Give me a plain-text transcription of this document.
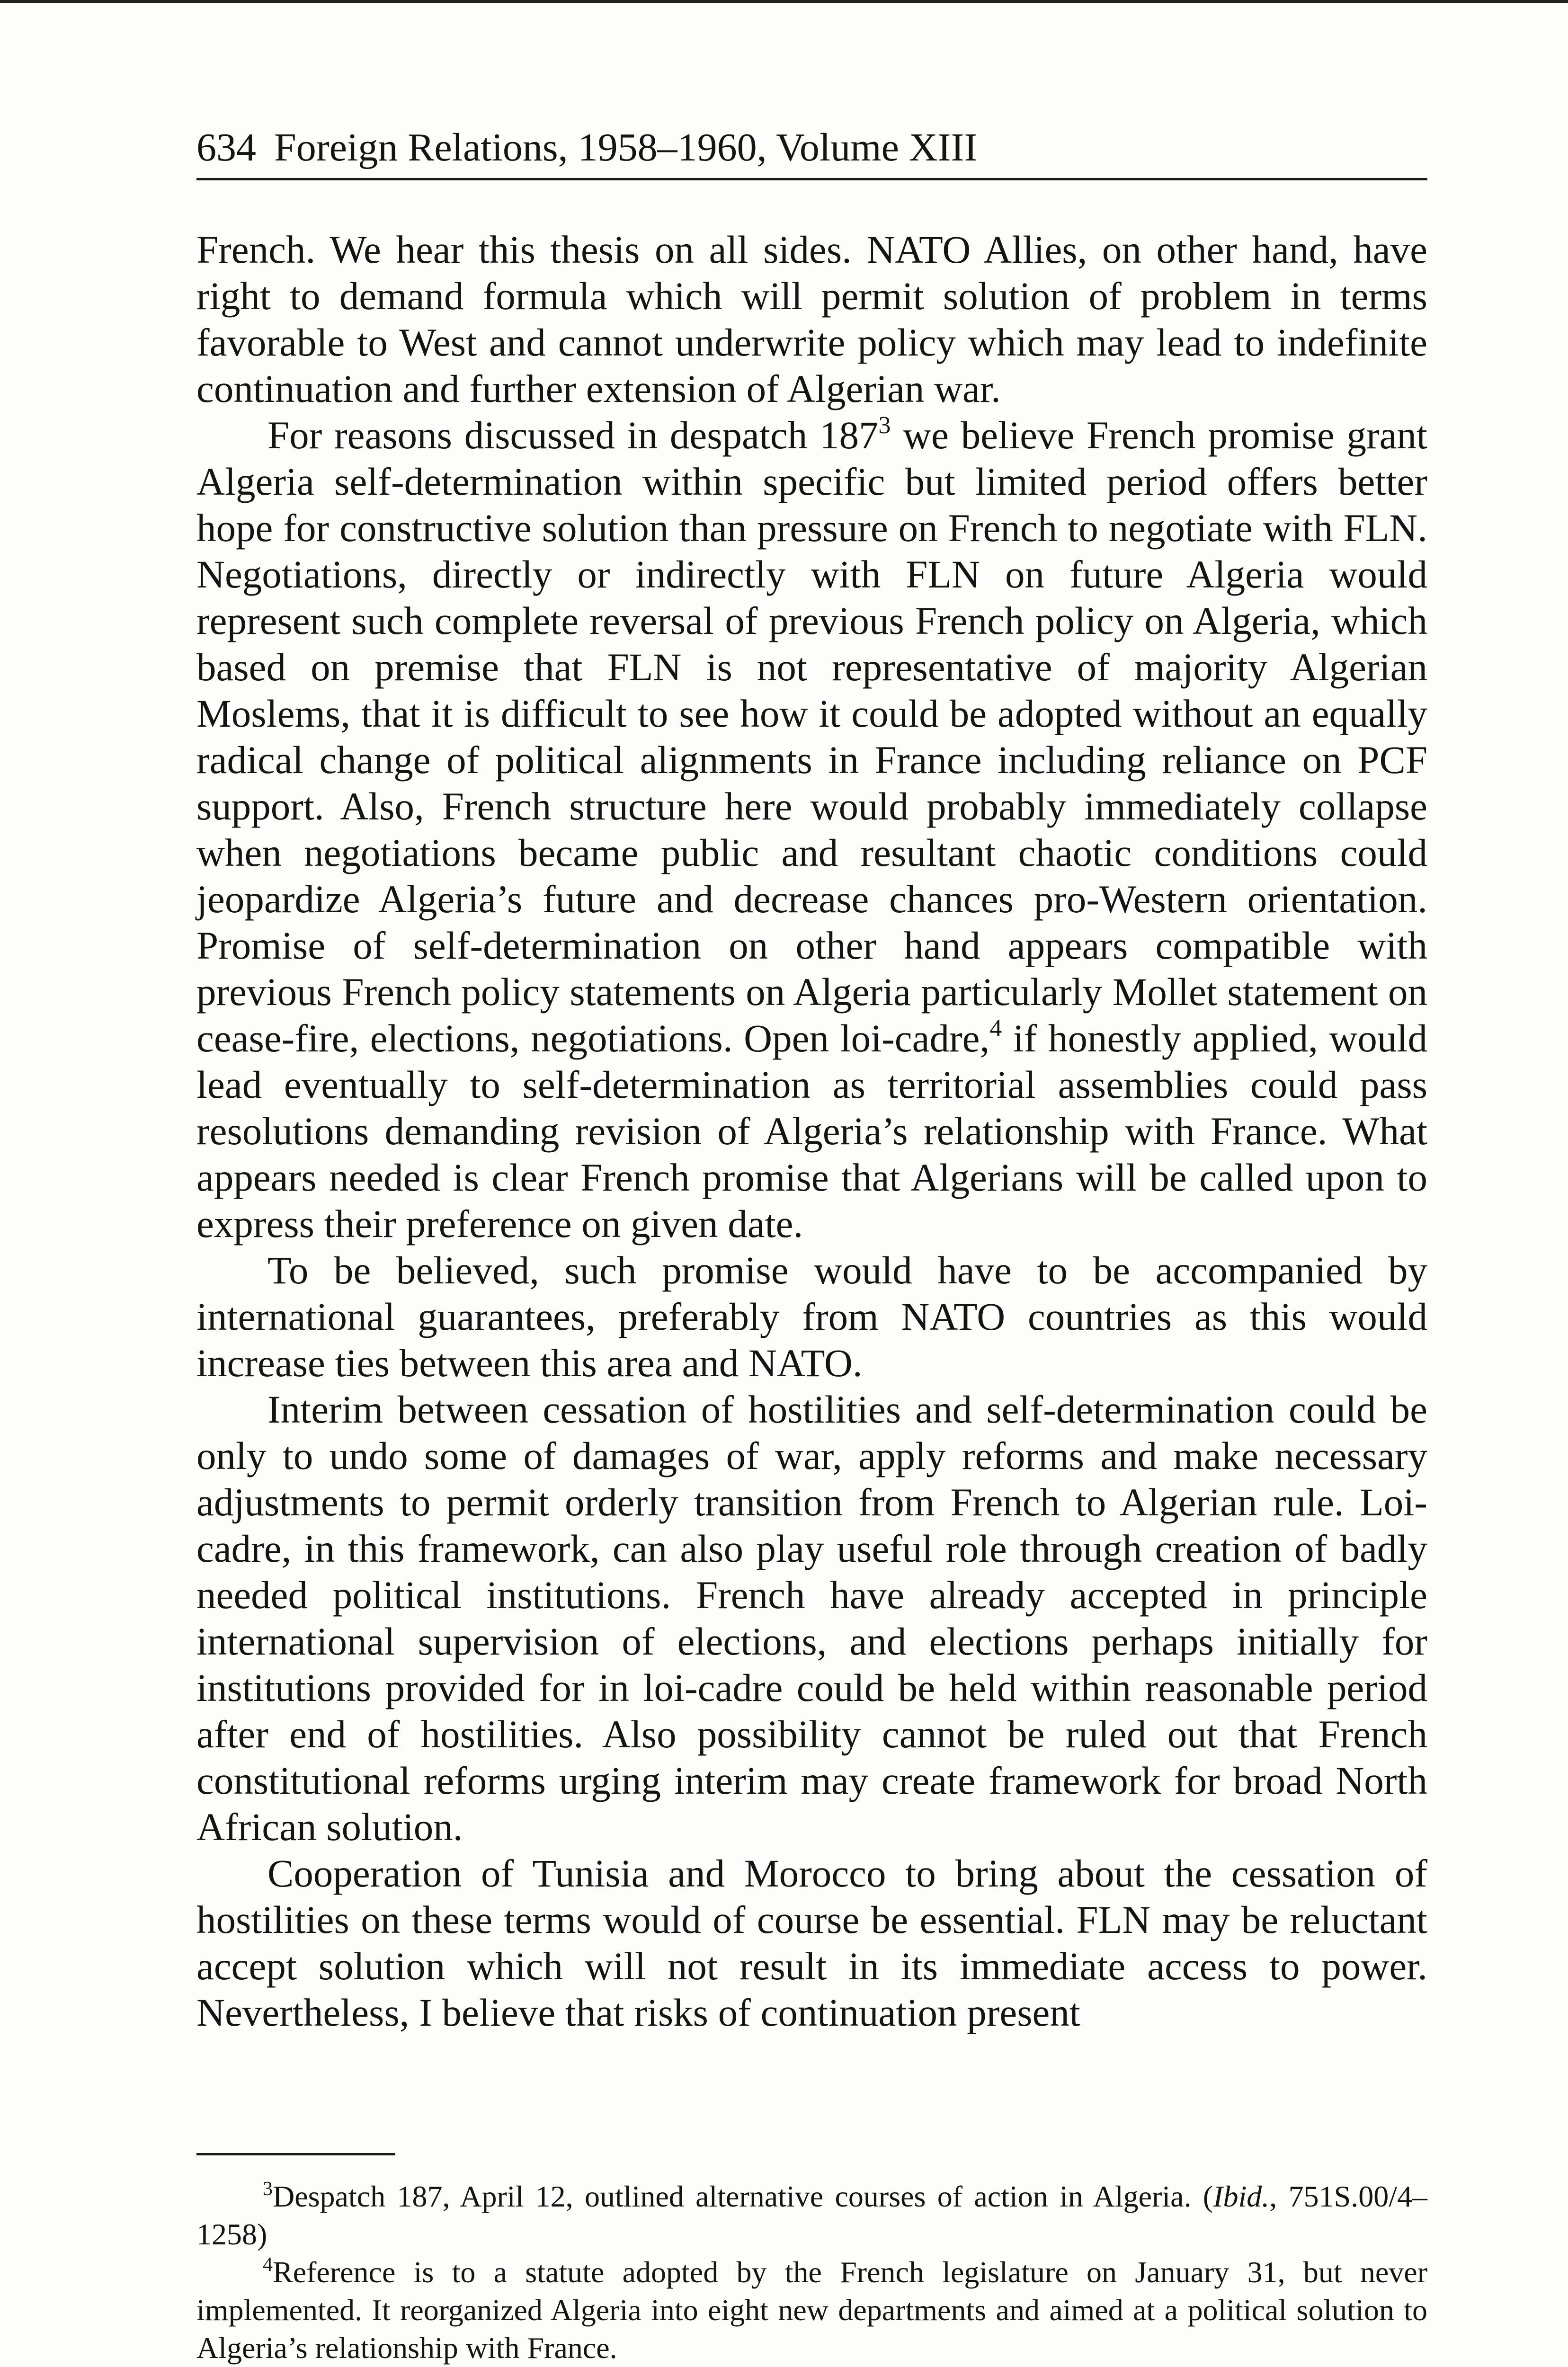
634 Foreign Relations, 1958–1960, Volume XIII

French. We hear this thesis on all sides. NATO Allies, on other hand, have right to demand formula which will permit solution of problem in terms favorable to West and cannot underwrite policy which may lead to indefinite continuation and further extension of Algerian war.

For reasons discussed in despatch $187^3$ we believe French promise grant Algeria self-determination within specific but limited period offers better hope for constructive solution than pressure on French to negotiate with FLN. Negotiations, directly or indirectly with FLN on future Algeria would represent such complete reversal of previous French policy on Algeria, which based on premise that FLN is not representative of majority Algerian Moslems, that it is difficult to see how it could be adopted without an equally radical change of political alignments in France including reliance on PCF support. Also, French structure here would probably immediately collapse when negotiations became public and resultant chaotic conditions could jeopardize Algeria’s future and decrease chances pro-Western orientation. Promise of self-determination on other hand appears compatible with previous French policy statements on Algeria particularly Mollet statement on cease-fire, elections, negotiations. Open loi-cadre,$^4$ if honestly applied, would lead eventually to self-determination as territorial assemblies could pass resolutions demanding revision of Algeria’s relationship with France. What appears needed is clear French promise that Algerians will be called upon to express their preference on given date.

To be believed, such promise would have to be accompanied by international guarantees, preferably from NATO countries as this would increase ties between this area and NATO.

Interim between cessation of hostilities and self-determination could be only to undo some of damages of war, apply reforms and make necessary adjustments to permit orderly transition from French to Algerian rule. Loi-cadre, in this framework, can also play useful role through creation of badly needed political institutions. French have already accepted in principle international supervision of elections, and elections perhaps initially for institutions provided for in loi-cadre could be held within reasonable period after end of hostilities. Also possibility cannot be ruled out that French constitutional reforms urging interim may create framework for broad North African solution.

Cooperation of Tunisia and Morocco to bring about the cessation of hostilities on these terms would of course be essential. FLN may be reluctant accept solution which will not result in its immediate access to power. Nevertheless, I believe that risks of continuation present

$^3$Despatch 187, April 12, outlined alternative courses of action in Algeria. (Ibid., 751S.00/4–1258)

$^4$Reference is to a statute adopted by the French legislature on January 31, but never implemented. It reorganized Algeria into eight new departments and aimed at a political solution to Algeria’s relationship with France.
